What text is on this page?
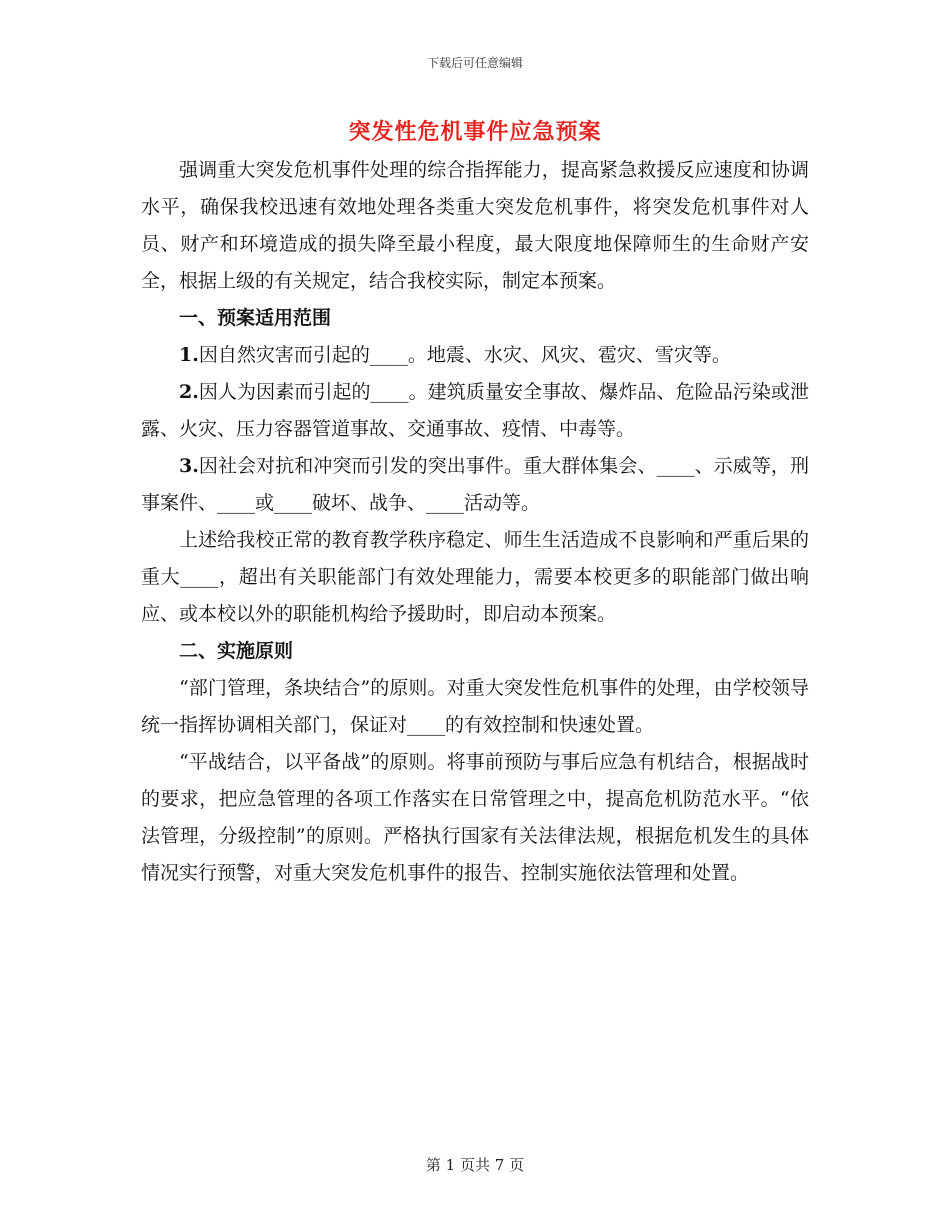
下载后可任意编辑
突发性危机事件应急预案

强调重大突发危机事件处理的综合指挥能力，提高紧急救援反应速度和协调水平，确保我校迅速有效地处理各类重大突发危机事件，将突发危机事件对人员、财产和环境造成的损失降至最小程度，最大限度地保障师生的生命财产安全，根据上级的有关规定，结合我校实际，制定本预案。

一、预案适用范围

1.因自然灾害而引起的____。地震、水灾、风灾、雹灾、雪灾等。

2.因人为因素而引起的____。建筑质量安全事故、爆炸品、危险品污染或泄露、火灾、压力容器管道事故、交通事故、疫情、中毒等。

3.因社会对抗和冲突而引发的突出事件。重大群体集会、____、示威等，刑事案件、____或____破坏、战争、____活动等。

上述给我校正常的教育教学秩序稳定、师生生活造成不良影响和严重后果的重大____，超出有关职能部门有效处理能力，需要本校更多的职能部门做出响应、或本校以外的职能机构给予援助时，即启动本预案。

二、实施原则

“部门管理，条块结合”的原则。对重大突发性危机事件的处理，由学校领导统一指挥协调相关部门，保证对____的有效控制和快速处置。

“平战结合，以平备战”的原则。将事前预防与事后应急有机结合，根据战时的要求，把应急管理的各项工作落实在日常管理之中，提高危机防范水平。“依法管理，分级控制”的原则。严格执行国家有关法律法规，根据危机发生的具体情况实行预警，对重大突发危机事件的报告、控制实施依法管理和处置。

第 1 页共 7 页
